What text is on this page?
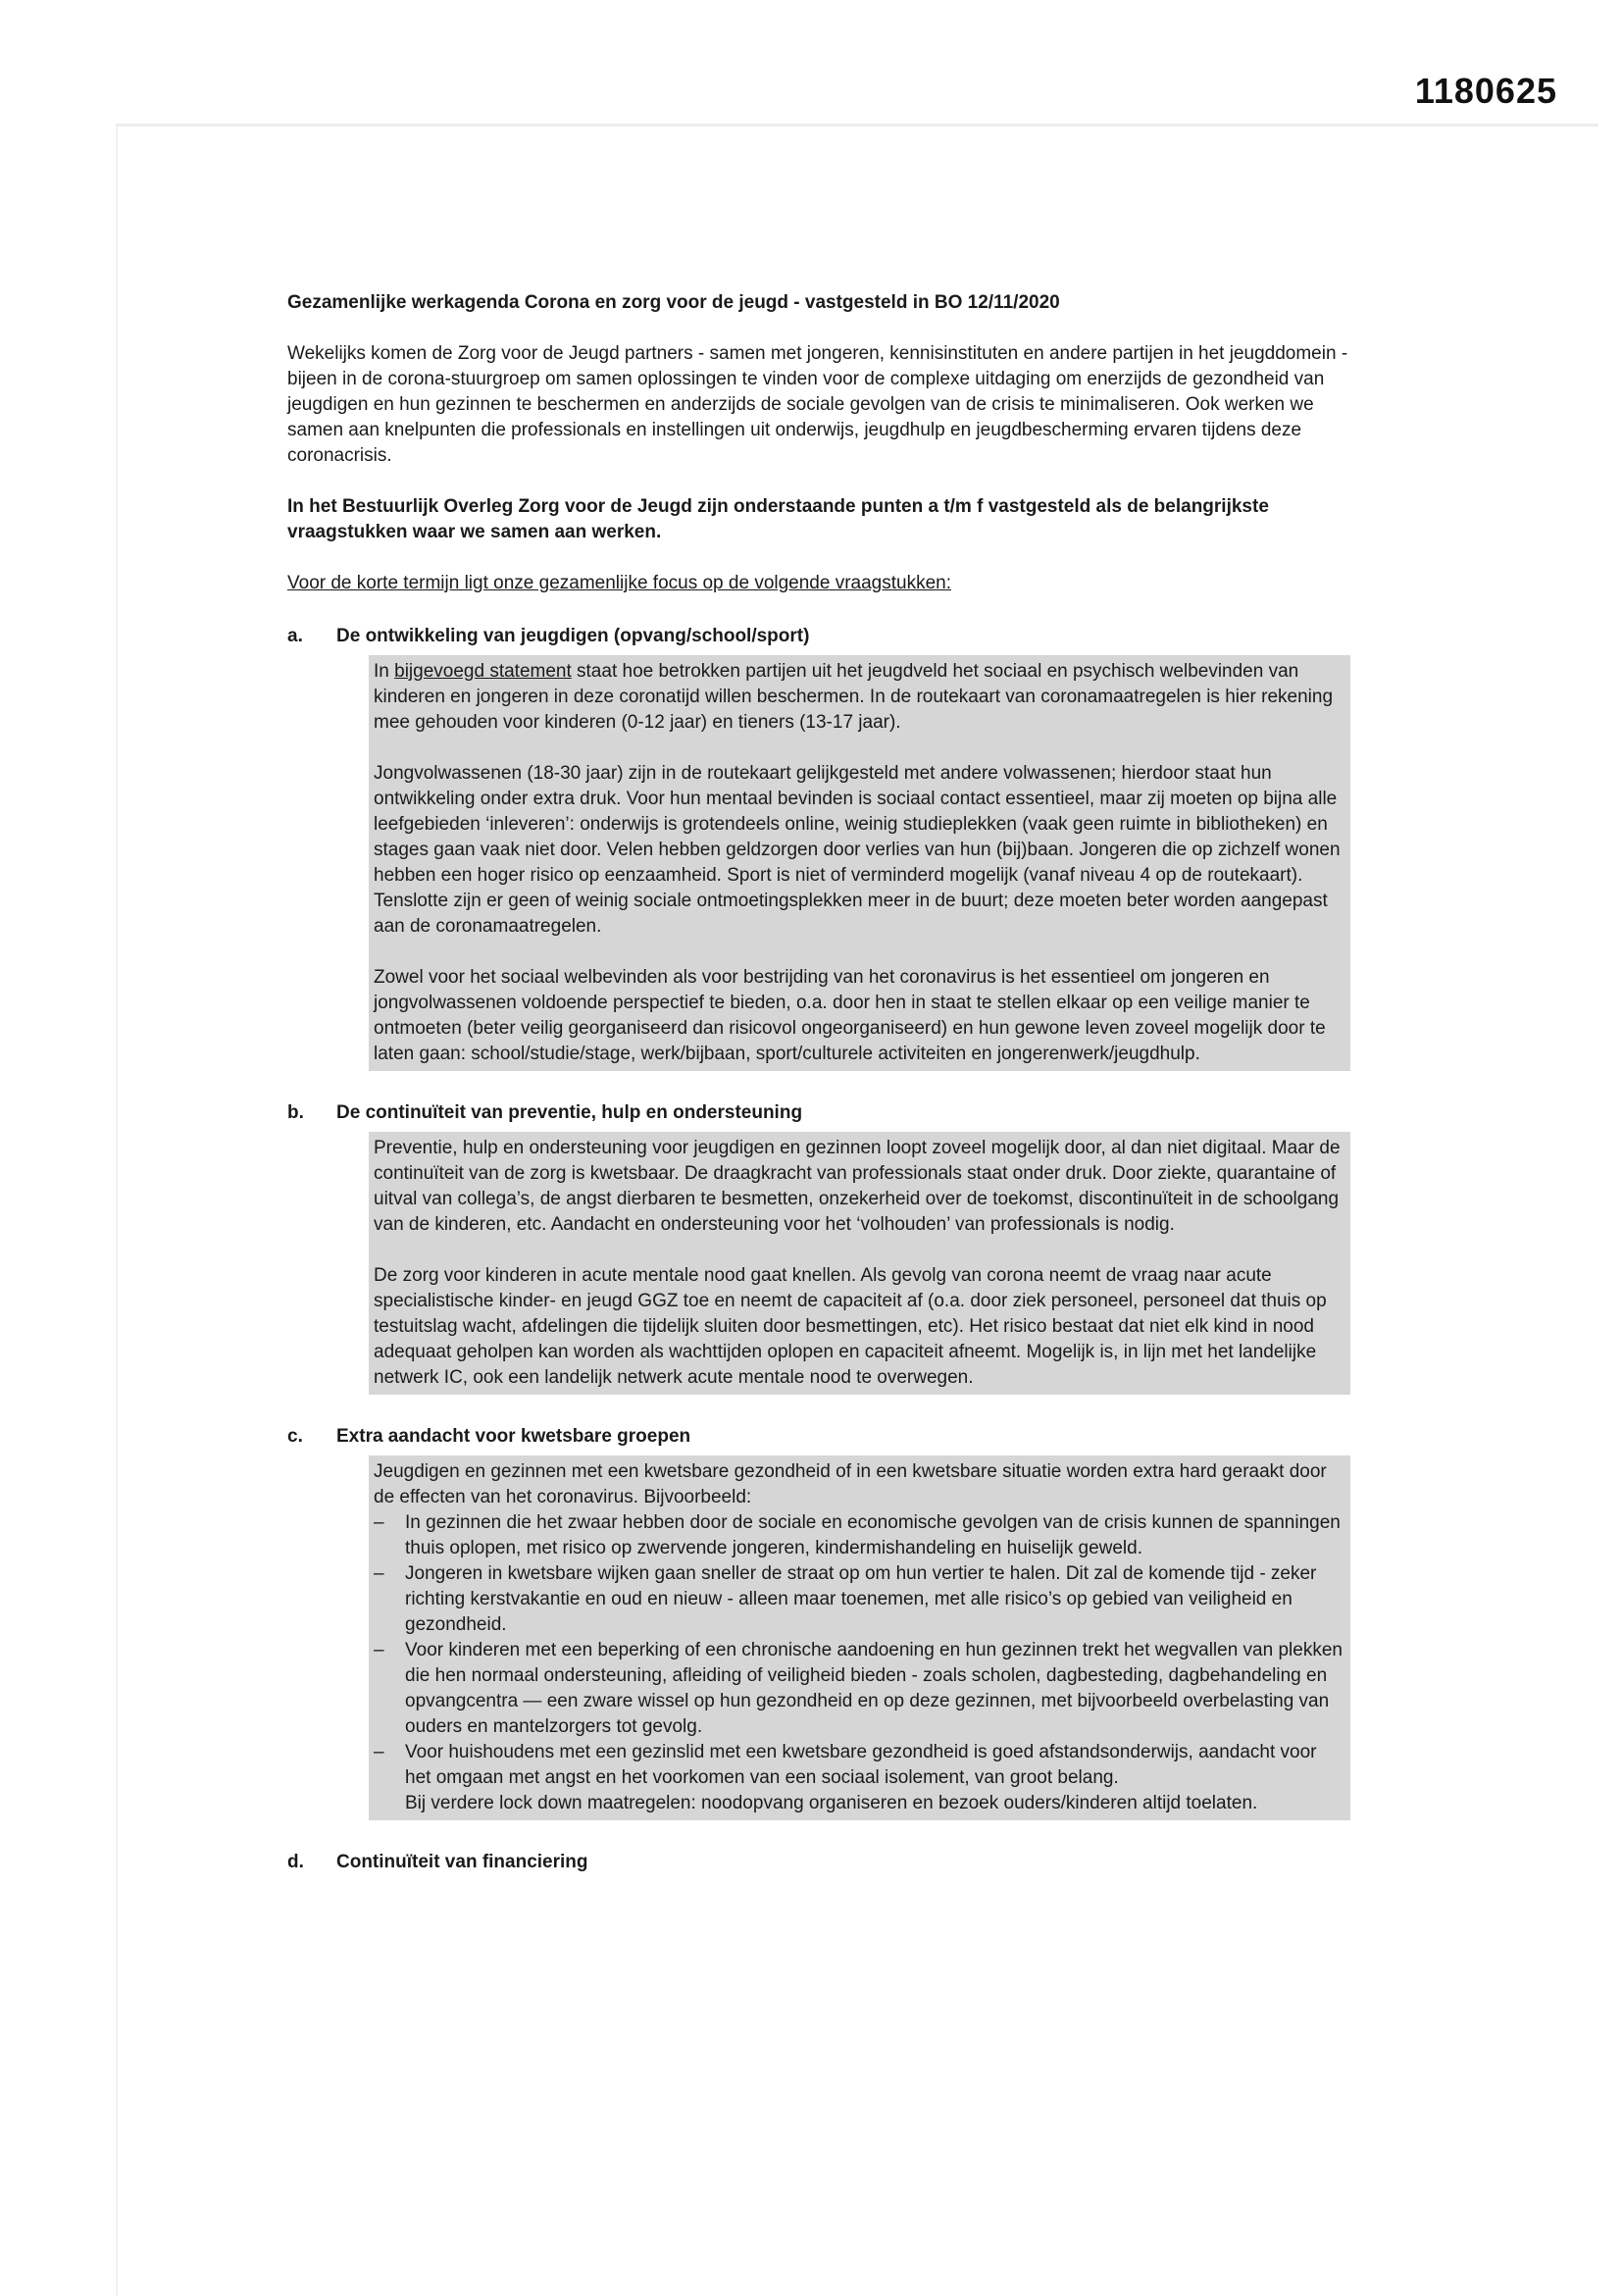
1180625

Gezamenlijke werkagenda Corona en zorg voor de jeugd - vastgesteld in BO 12/11/2020

Wekelijks komen de Zorg voor de Jeugd partners - samen met jongeren, kennisinstituten en andere partijen in het jeugddomein - bijeen in de corona-stuurgroep om samen oplossingen te vinden voor de complexe uitdaging om enerzijds de gezondheid van jeugdigen en hun gezinnen te beschermen en anderzijds de sociale gevolgen van de crisis te minimaliseren. Ook werken we samen aan knelpunten die professionals en instellingen uit onderwijs, jeugdhulp en jeugdbescherming ervaren tijdens deze coronacrisis.

In het Bestuurlijk Overleg Zorg voor de Jeugd zijn onderstaande punten a t/m f vastgesteld als de belangrijkste vraagstukken waar we samen aan werken.

Voor de korte termijn ligt onze gezamenlijke focus op de volgende vraagstukken:

a.	De ontwikkeling van jeugdigen (opvang/school/sport)

In bijgevoegd statement staat hoe betrokken partijen uit het jeugdveld het sociaal en psychisch welbevinden van kinderen en jongeren in deze coronatijd willen beschermen. In de routekaart van coronamaatregelen is hier rekening mee gehouden voor kinderen (0-12 jaar) en tieners (13-17 jaar).

Jongvolwassenen (18-30 jaar) zijn in de routekaart gelijkgesteld met andere volwassenen; hierdoor staat hun ontwikkeling onder extra druk. Voor hun mentaal bevinden is sociaal contact essentieel, maar zij moeten op bijna alle leefgebieden ‘inleveren’: onderwijs is grotendeels online, weinig studieplekken (vaak geen ruimte in bibliotheken) en stages gaan vaak niet door. Velen hebben geldzorgen door verlies van hun (bij)baan. Jongeren die op zichzelf wonen hebben een hoger risico op eenzaamheid. Sport is niet of verminderd mogelijk (vanaf niveau 4 op de routekaart). Tenslotte zijn er geen of weinig sociale ontmoetingsplekken meer in de buurt; deze moeten beter worden aangepast aan de coronamaatregelen.

Zowel voor het sociaal welbevinden als voor bestrijding van het coronavirus is het essentieel om jongeren en jongvolwassenen voldoende perspectief te bieden, o.a. door hen in staat te stellen elkaar op een veilige manier te ontmoeten (beter veilig georganiseerd dan risicovol ongeorganiseerd) en hun gewone leven zoveel mogelijk door te laten gaan: school/studie/stage, werk/bijbaan, sport/culturele activiteiten en jongerenwerk/jeugdhulp.

b.	De continuïteit van preventie, hulp en ondersteuning

Preventie, hulp en ondersteuning voor jeugdigen en gezinnen loopt zoveel mogelijk door, al dan niet digitaal. Maar de continuïteit van de zorg is kwetsbaar. De draagkracht van professionals staat onder druk. Door ziekte, quarantaine of uitval van collega’s, de angst dierbaren te besmetten, onzekerheid over de toekomst, discontinuïteit in de schoolgang van de kinderen, etc. Aandacht en ondersteuning voor het ‘volhouden’ van professionals is nodig.

De zorg voor kinderen in acute mentale nood gaat knellen. Als gevolg van corona neemt de vraag naar acute specialistische kinder- en jeugd GGZ toe en neemt de capaciteit af (o.a. door ziek personeel, personeel dat thuis op testuitslag wacht, afdelingen die tijdelijk sluiten door besmettingen, etc). Het risico bestaat dat niet elk kind in nood adequaat geholpen kan worden als wachttijden oplopen en capaciteit afneemt. Mogelijk is, in lijn met het landelijke netwerk IC, ook een landelijk netwerk acute mentale nood te overwegen.

c.	Extra aandacht voor kwetsbare groepen

Jeugdigen en gezinnen met een kwetsbare gezondheid of in een kwetsbare situatie worden extra hard geraakt door de effecten van het coronavirus. Bijvoorbeeld:

–	In gezinnen die het zwaar hebben door de sociale en economische gevolgen van de crisis kunnen de spanningen thuis oplopen, met risico op zwervende jongeren, kindermishandeling en huiselijk geweld.
–	Jongeren in kwetsbare wijken gaan sneller de straat op om hun vertier te halen. Dit zal de komende tijd - zeker richting kerstvakantie en oud en nieuw - alleen maar toenemen, met alle risico’s op gebied van veiligheid en gezondheid.
–	Voor kinderen met een beperking of een chronische aandoening en hun gezinnen trekt het wegvallen van plekken die hen normaal ondersteuning, afleiding of veiligheid bieden - zoals scholen, dagbesteding, dagbehandeling en opvangcentra — een zware wissel op hun gezondheid en op deze gezinnen, met bijvoorbeeld overbelasting van ouders en mantelzorgers tot gevolg.
–	Voor huishoudens met een gezinslid met een kwetsbare gezondheid is goed afstandsonderwijs, aandacht voor het omgaan met angst en het voorkomen van een sociaal isolement, van groot belang.

Bij verdere lock down maatregelen: noodopvang organiseren en bezoek ouders/kinderen altijd toelaten.

d.	Continuïteit van financiering
